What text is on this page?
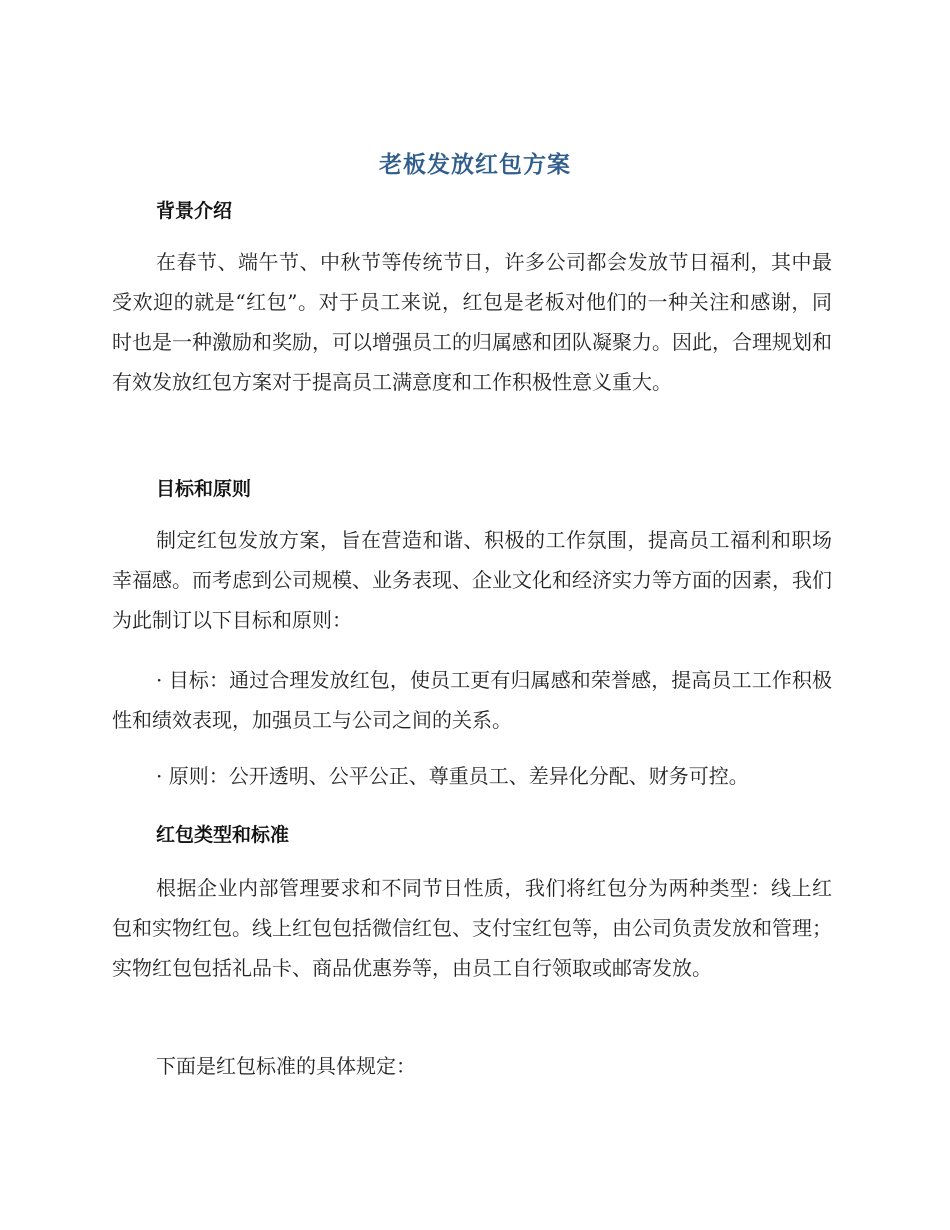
老板发放红包方案
背景介绍

在春节、端午节、中秋节等传统节日，许多公司都会发放节日福利，其中最受欢迎的就是“红包”。对于员工来说，红包是老板对他们的一种关注和感谢，同时也是一种激励和奖励，可以增强员工的归属感和团队凝聚力。因此，合理规划和有效发放红包方案对于提高员工满意度和工作积极性意义重大。

目标和原则

制定红包发放方案，旨在营造和谐、积极的工作氛围，提高员工福利和职场幸福感。而考虑到公司规模、业务表现、企业文化和经济实力等方面的因素，我们为此制订以下目标和原则：

· 目标：通过合理发放红包，使员工更有归属感和荣誉感，提高员工工作积极性和绩效表现，加强员工与公司之间的关系。

· 原则：公开透明、公平公正、尊重员工、差异化分配、财务可控。

红包类型和标准

根据企业内部管理要求和不同节日性质，我们将红包分为两种类型：线上红包和实物红包。线上红包包括微信红包、支付宝红包等，由公司负责发放和管理；实物红包包括礼品卡、商品优惠券等，由员工自行领取或邮寄发放。

下面是红包标准的具体规定：
